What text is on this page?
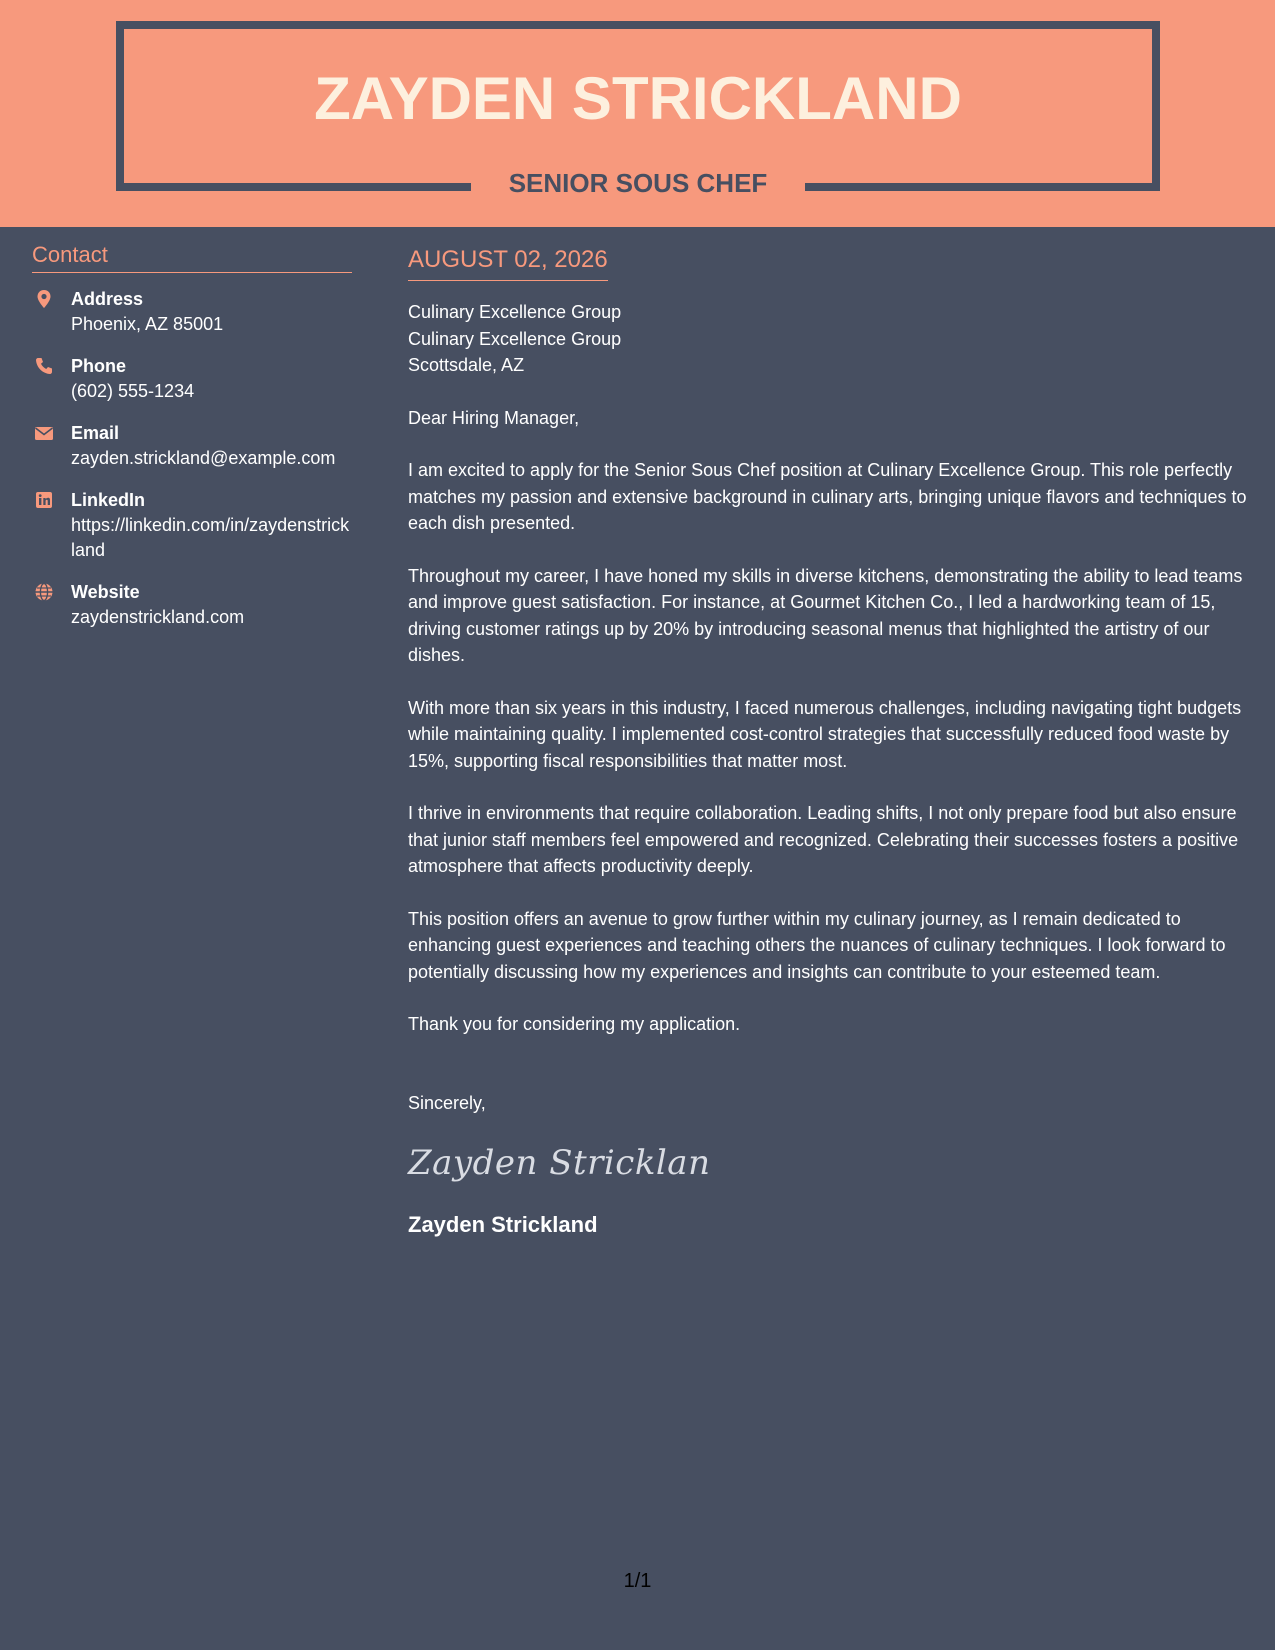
ZAYDEN STRICKLAND
SENIOR SOUS CHEF
Contact
Address
Phoenix, AZ 85001
Phone
(602) 555-1234
Email
zayden.strickland@example.com
LinkedIn
https://linkedin.com/in/zaydenstrickland
Website
zaydenstrickland.com
AUGUST 02, 2026
Culinary Excellence Group
Culinary Excellence Group
Scottsdale, AZ

Dear Hiring Manager,

I am excited to apply for the Senior Sous Chef position at Culinary Excellence Group. This role perfectly matches my passion and extensive background in culinary arts, bringing unique flavors and techniques to each dish presented.

Throughout my career, I have honed my skills in diverse kitchens, demonstrating the ability to lead teams and improve guest satisfaction. For instance, at Gourmet Kitchen Co., I led a hardworking team of 15, driving customer ratings up by 20% by introducing seasonal menus that highlighted the artistry of our dishes.

With more than six years in this industry, I faced numerous challenges, including navigating tight budgets while maintaining quality. I implemented cost-control strategies that successfully reduced food waste by 15%, supporting fiscal responsibilities that matter most.

I thrive in environments that require collaboration. Leading shifts, I not only prepare food but also ensure that junior staff members feel empowered and recognized. Celebrating their successes fosters a positive atmosphere that affects productivity deeply.

This position offers an avenue to grow further within my culinary journey, as I remain dedicated to enhancing guest experiences and teaching others the nuances of culinary techniques. I look forward to potentially discussing how my experiences and insights can contribute to your esteemed team.

Thank you for considering my application.

Sincerely,
Zayden Stricklan
Zayden Strickland
1/1
